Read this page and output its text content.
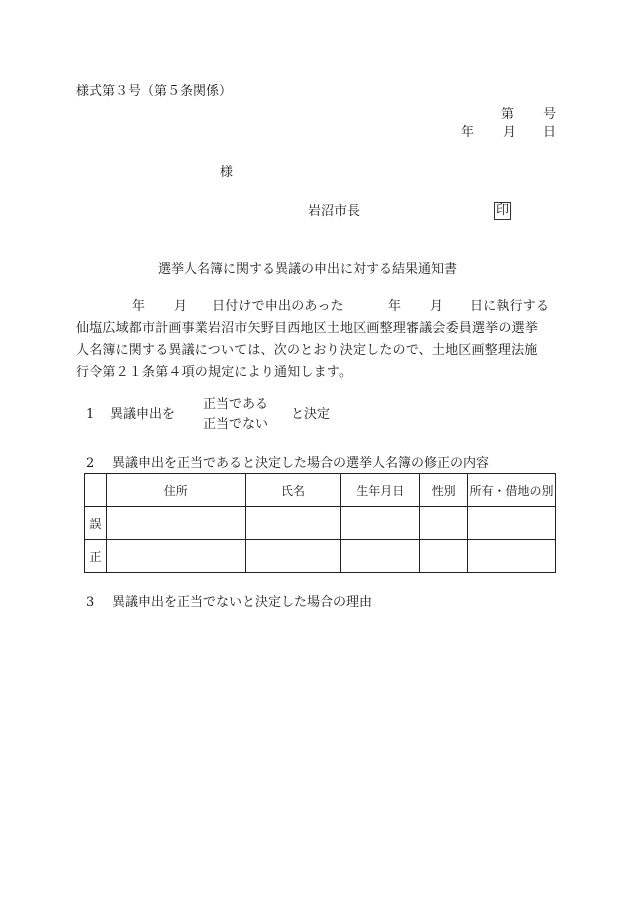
様式第３号（第５条関係）
第 号
年 月 日
様
岩沼市長	印
選挙人名簿に関する異議の申出に対する結果通知書
年 月 日付けで申出のあった	年 月 日に執行する
仙塩広域都市計画事業岩沼市矢野目西地区土地区画整理審議会委員選挙の選挙
人名簿に関する異議については、次のとおり決定したので、土地区画整理法施
行令第２１条第４項の規定により通知します。
1 異議申出を
正当である
正当でない
と決定
2 異議申出を正当であると決定した場合の選挙人名簿の修正の内容
	住所	氏名	生年月日	性別	所有・借地の別
誤					
正					
3 異議申出を正当でないと決定した場合の理由
